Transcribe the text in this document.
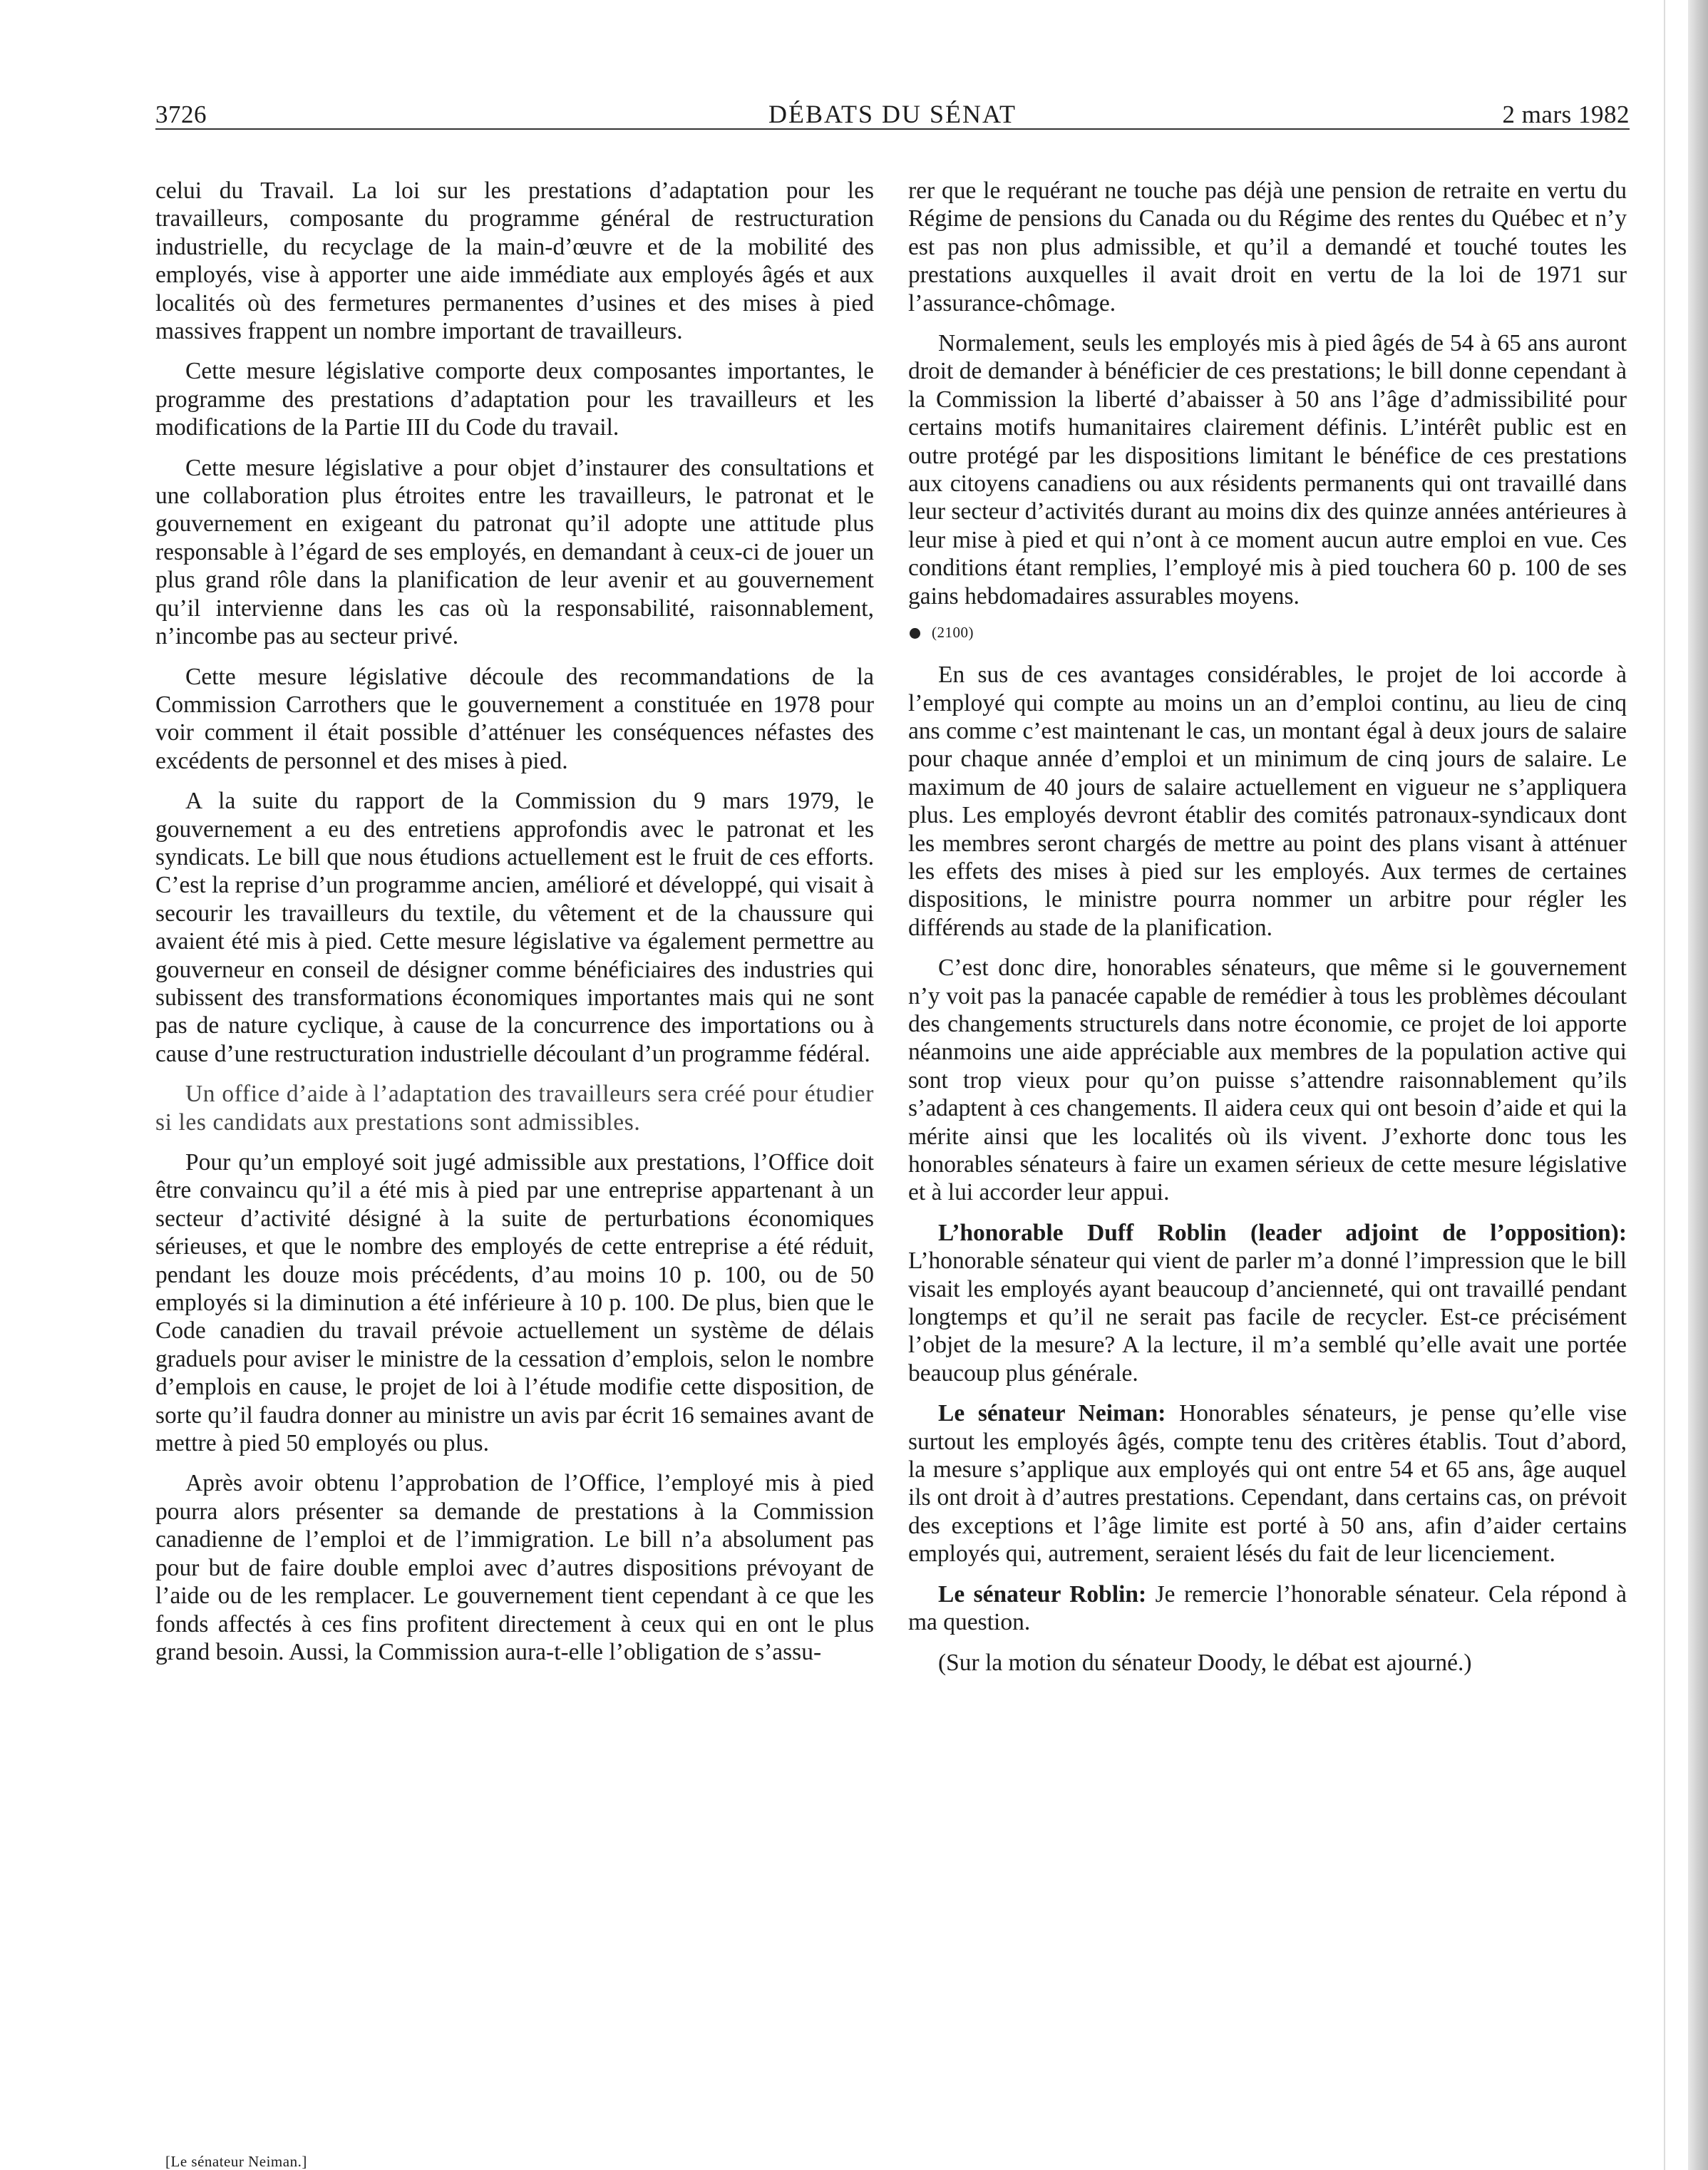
3726	DÉBATS DU SÉNAT	2 mars 1982

celui du Travail. La loi sur les prestations d’adaptation pour les travailleurs, composante du programme général de restructuration industrielle, du recyclage de la main-d’œuvre et de la mobilité des employés, vise à apporter une aide immédiate aux employés âgés et aux localités où des fermetures permanentes d’usines et des mises à pied massives frappent un nombre important de travailleurs.

Cette mesure législative comporte deux composantes importantes, le programme des prestations d’adaptation pour les travailleurs et les modifications de la Partie III du Code du travail.

Cette mesure législative a pour objet d’instaurer des consultations et une collaboration plus étroites entre les travailleurs, le patronat et le gouvernement en exigeant du patronat qu’il adopte une attitude plus responsable à l’égard de ses employés, en demandant à ceux-ci de jouer un plus grand rôle dans la planification de leur avenir et au gouvernement qu’il intervienne dans les cas où la responsabilité, raisonnablement, n’incombe pas au secteur privé.

Cette mesure législative découle des recommandations de la Commission Carrothers que le gouvernement a constituée en 1978 pour voir comment il était possible d’atténuer les conséquences néfastes des excédents de personnel et des mises à pied.

A la suite du rapport de la Commission du 9 mars 1979, le gouvernement a eu des entretiens approfondis avec le patronat et les syndicats. Le bill que nous étudions actuellement est le fruit de ces efforts. C’est la reprise d’un programme ancien, amélioré et développé, qui visait à secourir les travailleurs du textile, du vêtement et de la chaussure qui avaient été mis à pied. Cette mesure législative va également permettre au gouverneur en conseil de désigner comme bénéficiaires des industries qui subissent des transformations économiques importantes mais qui ne sont pas de nature cyclique, à cause de la concurrence des importations ou à cause d’une restructuration industrielle découlant d’un programme fédéral.

Un office d’aide à l’adaptation des travailleurs sera créé pour étudier si les candidats aux prestations sont admissibles.

Pour qu’un employé soit jugé admissible aux prestations, l’Office doit être convaincu qu’il a été mis à pied par une entreprise appartenant à un secteur d’activité désigné à la suite de perturbations économiques sérieuses, et que le nombre des employés de cette entreprise a été réduit, pendant les douze mois précédents, d’au moins 10 p. 100, ou de 50 employés si la diminution a été inférieure à 10 p. 100. De plus, bien que le Code canadien du travail prévoie actuellement un système de délais graduels pour aviser le ministre de la cessation d’emplois, selon le nombre d’emplois en cause, le projet de loi à l’étude modifie cette disposition, de sorte qu’il faudra donner au ministre un avis par écrit 16 semaines avant de mettre à pied 50 employés ou plus.

Après avoir obtenu l’approbation de l’Office, l’employé mis à pied pourra alors présenter sa demande de prestations à la Commission canadienne de l’emploi et de l’immigration. Le bill n’a absolument pas pour but de faire double emploi avec d’autres dispositions prévoyant de l’aide ou de les remplacer. Le gouvernement tient cependant à ce que les fonds affectés à ces fins profitent directement à ceux qui en ont le plus grand besoin. Aussi, la Commission aura-t-elle l’obligation de s’assu-

rer que le requérant ne touche pas déjà une pension de retraite en vertu du Régime de pensions du Canada ou du Régime des rentes du Québec et n’y est pas non plus admissible, et qu’il a demandé et touché toutes les prestations auxquelles il avait droit en vertu de la loi de 1971 sur l’assurance-chômage.

Normalement, seuls les employés mis à pied âgés de 54 à 65 ans auront droit de demander à bénéficier de ces prestations; le bill donne cependant à la Commission la liberté d’abaisser à 50 ans l’âge d’admissibilité pour certains motifs humanitaires clairement définis. L’intérêt public est en outre protégé par les dispositions limitant le bénéfice de ces prestations aux citoyens canadiens ou aux résidents permanents qui ont travaillé dans leur secteur d’activités durant au moins dix des quinze années antérieures à leur mise à pied et qui n’ont à ce moment aucun autre emploi en vue. Ces conditions étant remplies, l’employé mis à pied touchera 60 p. 100 de ses gains hebdomadaires assurables moyens.

(2100)

En sus de ces avantages considérables, le projet de loi accorde à l’employé qui compte au moins un an d’emploi continu, au lieu de cinq ans comme c’est maintenant le cas, un montant égal à deux jours de salaire pour chaque année d’emploi et un minimum de cinq jours de salaire. Le maximum de 40 jours de salaire actuellement en vigueur ne s’appliquera plus. Les employés devront établir des comités patronaux-syndicaux dont les membres seront chargés de mettre au point des plans visant à atténuer les effets des mises à pied sur les employés. Aux termes de certaines dispositions, le ministre pourra nommer un arbitre pour régler les différends au stade de la planification.

C’est donc dire, honorables sénateurs, que même si le gouvernement n’y voit pas la panacée capable de remédier à tous les problèmes découlant des changements structurels dans notre économie, ce projet de loi apporte néanmoins une aide appréciable aux membres de la population active qui sont trop vieux pour qu’on puisse s’attendre raisonnablement qu’ils s’adaptent à ces changements. Il aidera ceux qui ont besoin d’aide et qui la mérite ainsi que les localités où ils vivent. J’exhorte donc tous les honorables sénateurs à faire un examen sérieux de cette mesure législative et à lui accorder leur appui.

L’honorable Duff Roblin (leader adjoint de l’opposition): L’honorable sénateur qui vient de parler m’a donné l’impression que le bill visait les employés ayant beaucoup d’ancienneté, qui ont travaillé pendant longtemps et qu’il ne serait pas facile de recycler. Est-ce précisément l’objet de la mesure? A la lecture, il m’a semblé qu’elle avait une portée beaucoup plus générale.

Le sénateur Neiman: Honorables sénateurs, je pense qu’elle vise surtout les employés âgés, compte tenu des critères établis. Tout d’abord, la mesure s’applique aux employés qui ont entre 54 et 65 ans, âge auquel ils ont droit à d’autres prestations. Cependant, dans certains cas, on prévoit des exceptions et l’âge limite est porté à 50 ans, afin d’aider certains employés qui, autrement, seraient lésés du fait de leur licenciement.

Le sénateur Roblin: Je remercie l’honorable sénateur. Cela répond à ma question.

(Sur la motion du sénateur Doody, le débat est ajourné.)

[Le sénateur Neiman.]
